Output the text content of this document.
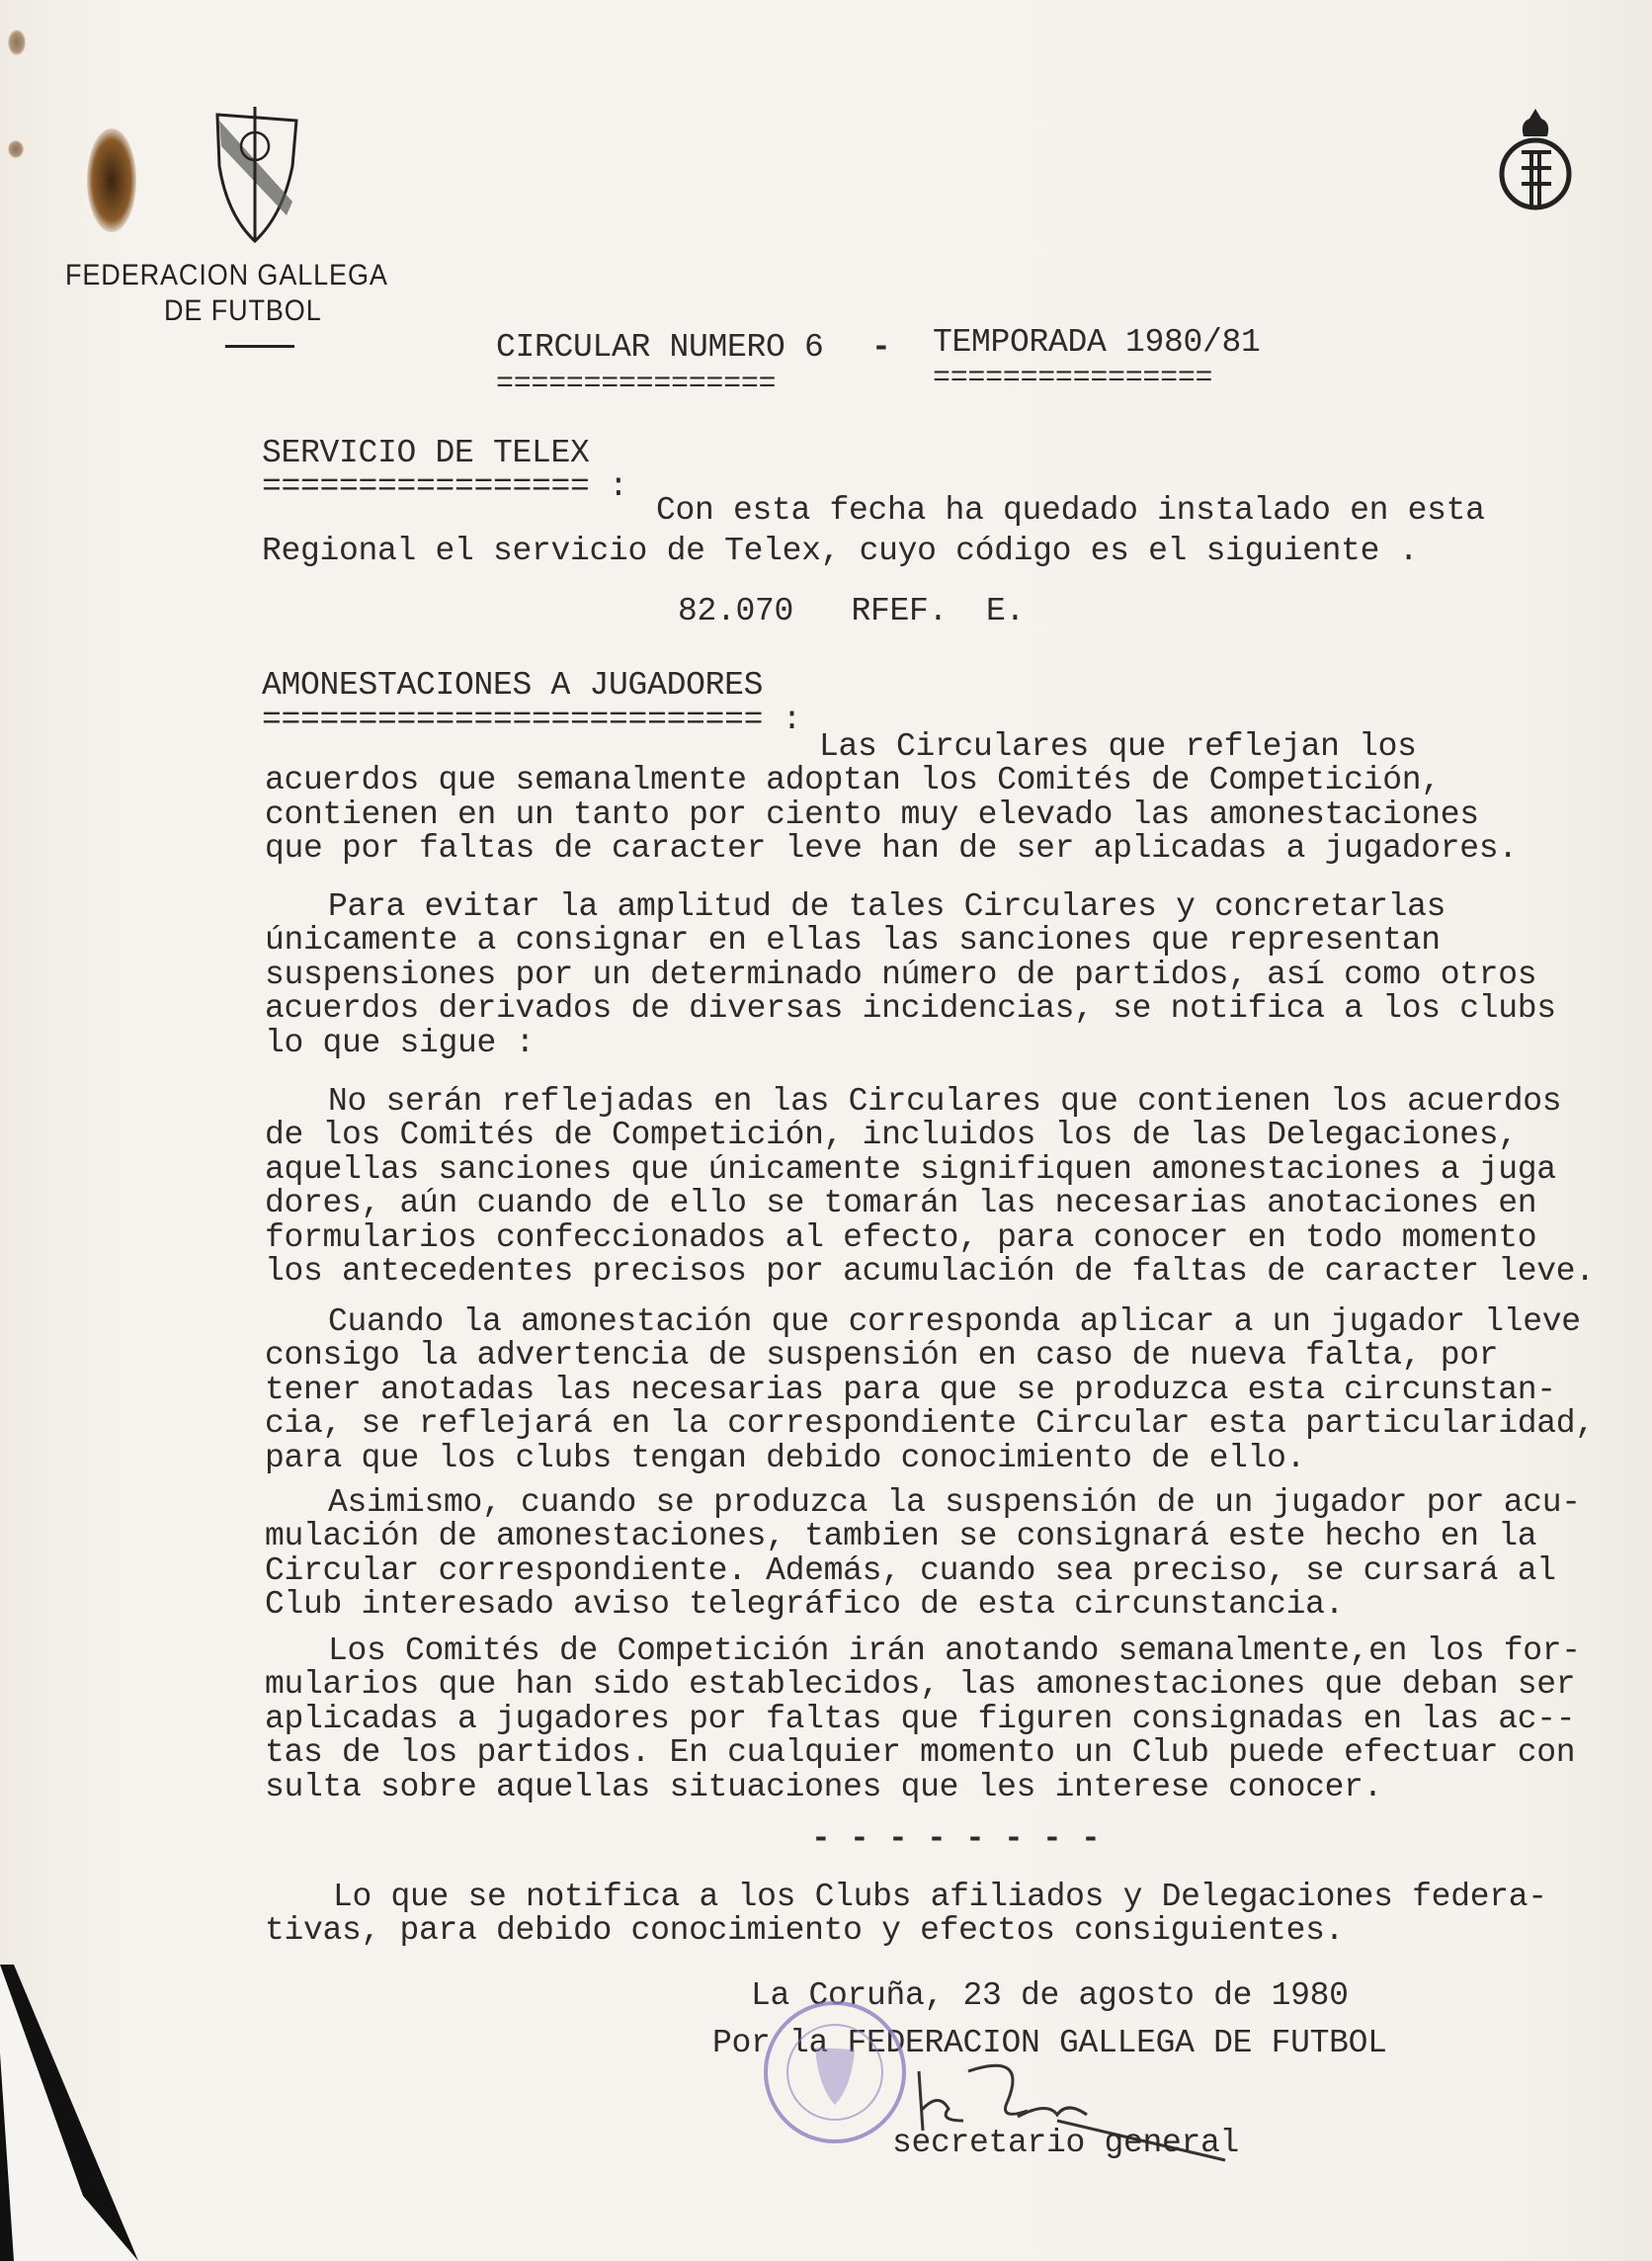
FEDERACION GALLEGA
DE FUTBOL
CIRCULAR NUMERO 6 - TEMPORADA 1980/81
================	================
SERVICIO DE TELEX
================= :
Con esta fecha ha quedado instalado en esta
Regional el servicio de Telex, cuyo código es el siguiente .
82.070   RFEF.  E.
AMONESTACIONES A JUGADORES
========================== :
Las Circulares que reflejan los
acuerdos que semanalmente adoptan los Comités de Competición,
contienen en un tanto por ciento muy elevado las amonestaciones
que por faltas de caracter leve han de ser aplicadas a jugadores.
Para evitar la amplitud de tales Circulares y concretarlas
únicamente a consignar en ellas las sanciones que representan
suspensiones por un determinado número de partidos, así como otros
acuerdos derivados de diversas incidencias, se notifica a los clubs
lo que sigue :
No serán reflejadas en las Circulares que contienen los acuerdos
de los Comités de Competición, incluidos los de las Delegaciones,
aquellas sanciones que únicamente signifiquen amonestaciones a juga
dores, aún cuando de ello se tomarán las necesarias anotaciones en
formularios confeccionados al efecto, para conocer en todo momento
los antecedentes precisos por acumulación de faltas de caracter leve.
Cuando la amonestación que corresponda aplicar a un jugador lleve
consigo la advertencia de suspensión en caso de nueva falta, por
tener anotadas las necesarias para que se produzca esta circunstan-
cia, se reflejará en la correspondiente Circular esta particularidad,
para que los clubs tengan debido conocimiento de ello.
Asimismo, cuando se produzca la suspensión de un jugador por acu-
mulación de amonestaciones, tambien se consignará este hecho en la
Circular correspondiente. Además, cuando sea preciso, se cursará al
Club interesado aviso telegráfico de esta circunstancia.
Los Comités de Competición irán anotando semanalmente,en los for-
mularios que han sido establecidos, las amonestaciones que deban ser
aplicadas a jugadores por faltas que figuren consignadas en las ac--
tas de los partidos. En cualquier momento un Club puede efectuar con
sulta sobre aquellas situaciones que les interese conocer.
- - - - - - - -
Lo que se notifica a los Clubs afiliados y Delegaciones federa-
tivas, para debido conocimiento y efectos consiguientes.
La Coruña, 23 de agosto de 1980
Por la FEDERACION GALLEGA DE FUTBOL
secretario general
